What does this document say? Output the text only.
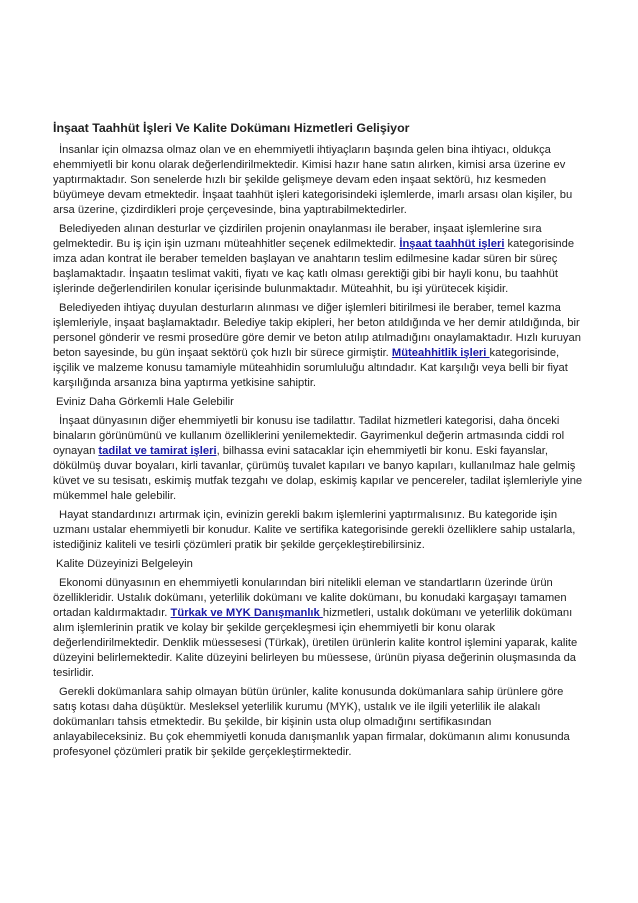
İnşaat Taahhüt İşleri Ve Kalite Dokümanı Hizmetleri Gelişiyor

İnsanlar için olmazsa olmaz olan ve en ehemmiyetli ihtiyaçların başında gelen bina ihtiyacı, oldukça ehemmiyetli bir konu olarak değerlendirilmektedir. Kimisi hazır hane satın alırken, kimisi arsa üzerine ev yaptırmaktadır. Son senelerde hızlı bir şekilde gelişmeye devam eden inşaat sektörü, hız kesmeden büyümeye devam etmektedir. İnşaat taahhüt işleri kategorisindeki işlemlerde, imarlı arsası olan kişiler, bu arsa üzerine, çizdirdikleri proje çerçevesinde, bina yaptırabilmektedirler.

Belediyeden alınan desturlar ve çizdirilen projenin onaylanması ile beraber, inşaat işlemlerine sıra gelmektedir. Bu iş için işin uzmanı müteahhitler seçenek edilmektedir. İnşaat taahhüt işleri kategorisinde imza adan kontrat ile beraber temelden başlayan ve anahtarın teslim edilmesine kadar süren bir süreç başlamaktadır. İnşaatın teslimat vakiti, fiyatı ve kaç katlı olması gerektiği gibi bir hayli konu, bu taahhüt işlerinde değerlendirilen konular içerisinde bulunmaktadır. Müteahhit, bu işi yürütecek kişidir.

Belediyeden ihtiyaç duyulan desturların alınması ve diğer işlemleri bitirilmesi ile beraber, temel kazma işlemleriyle, inşaat başlamaktadır. Belediye takip ekipleri, her beton atıldığında ve her demir atıldığında, bir personel gönderir ve resmi prosedüre göre demir ve beton atılıp atılmadığını onaylamaktadır. Hızlı kuruyan beton sayesinde, bu gün inşaat sektörü çok hızlı bir sürece girmiştir. Müteahhitlik işleri kategorisinde, işçilik ve malzeme konusu tamamiyle müteahhidin sorumluluğu altındadır. Kat karşılığı veya belli bir fiyat karşılığında arsanıza bina yaptırma yetkisine sahiptir.

Eviniz Daha Görkemli Hale Gelebilir

İnşaat dünyasının diğer ehemmiyetli bir konusu ise tadilattır. Tadilat hizmetleri kategorisi, daha önceki binaların görünümünü ve kullanım özelliklerini yenilemektedir. Gayrimenkul değerin artmasında ciddi rol oynayan tadilat ve tamirat işleri, bilhassa evini satacaklar için ehemmiyetli bir konu. Eski fayanslar, dökülmüş duvar boyaları, kirli tavanlar, çürümüş tuvalet kapıları ve banyo kapıları, kullanılmaz hale gelmiş küvet ve su tesisatı, eskimiş mutfak tezgahı ve dolap, eskimiş kapılar ve pencereler, tadilat işlemleriyle yine mükemmel hale gelebilir.

Hayat standardınızı artırmak için, evinizin gerekli bakım işlemlerini yaptırmalısınız. Bu kategoride işin uzmanı ustalar ehemmiyetli bir konudur. Kalite ve sertifika kategorisinde gerekli özelliklere sahip ustalarla, istediğiniz kaliteli ve tesirli çözümleri pratik bir şekilde gerçekleştirebilirsiniz.

Kalite Düzeyinizi Belgeleyin

Ekonomi dünyasının en ehemmiyetli konularından biri nitelikli eleman ve standartların üzerinde ürün özellikleridir. Ustalık dokümanı, yeterlilik dokümanı ve kalite dokümanı, bu konudaki kargaşayı tamamen ortadan kaldırmaktadır. Türkak ve MYK Danışmanlık hizmetleri, ustalık dokümanı ve yeterlilik dokümanı alım işlemlerinin pratik ve kolay bir şekilde gerçekleşmesi için ehemmiyetli bir konu olarak değerlendirilmektedir. Denklik müessesesi (Türkak), üretilen ürünlerin kalite kontrol işlemini yaparak, kalite düzeyini belirlemektedir. Kalite düzeyini belirleyen bu müessese, ürünün piyasa değerinin oluşmasında da tesirlidir.

Gerekli dokümanlara sahip olmayan bütün ürünler, kalite konusunda dokümanlara sahip ürünlere göre satış kotası daha düşüktür. Mesleksel yeterlilik kurumu (MYK), ustalık ve ile ilgili yeterlilik ile alakalı dokümanları tahsis etmektedir. Bu şekilde, bir kişinin usta olup olmadığını sertifikasından anlayabileceksiniz. Bu çok ehemmiyetli konuda danışmanlık yapan firmalar, dokümanın alımı konusunda profesyonel çözümleri pratik bir şekilde gerçekleştirmektedir.
